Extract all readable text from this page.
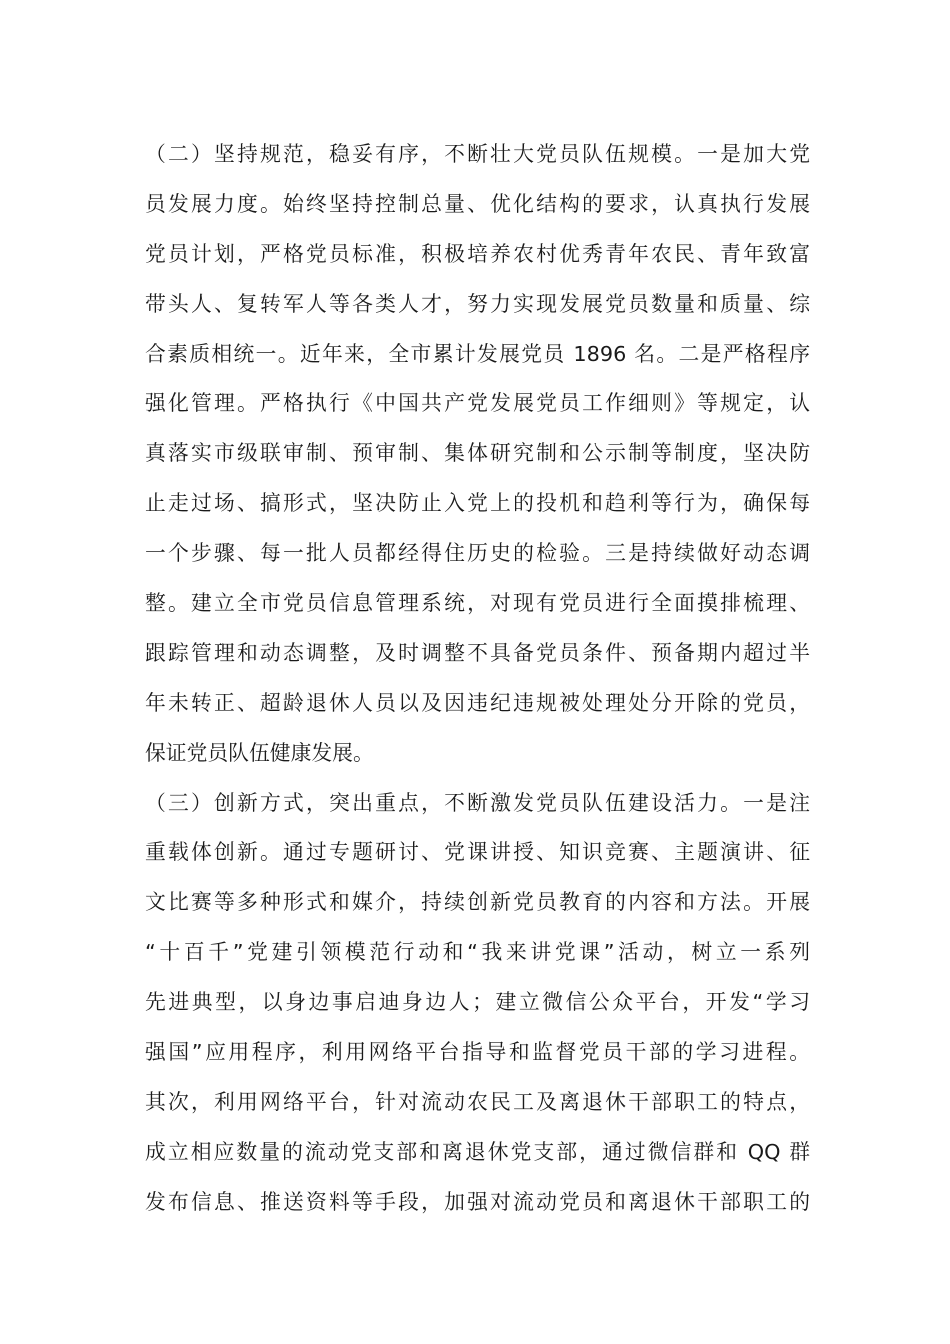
（二）坚持规范，稳妥有序，不断壮大党员队伍规模。一是加大党
员发展力度。始终坚持控制总量、优化结构的要求，认真执行发展
党员计划，严格党员标准，积极培养农村优秀青年农民、青年致富
带头人、复转军人等各类人才，努力实现发展党员数量和质量、综
合素质相统一。近年来，全市累计发展党员 1896 名。二是严格程序
强化管理。严格执行《中国共产党发展党员工作细则》等规定，认
真落实市级联审制、预审制、集体研究制和公示制等制度，坚决防
止走过场、搞形式，坚决防止入党上的投机和趋利等行为，确保每
一个步骤、每一批人员都经得住历史的检验。三是持续做好动态调
整。建立全市党员信息管理系统，对现有党员进行全面摸排梳理、
跟踪管理和动态调整，及时调整不具备党员条件、预备期内超过半
年未转正、超龄退休人员以及因违纪违规被处理处分开除的党员，
保证党员队伍健康发展。
（三）创新方式，突出重点，不断激发党员队伍建设活力。一是注
重载体创新。通过专题研讨、党课讲授、知识竞赛、主题演讲、征
文比赛等多种形式和媒介，持续创新党员教育的内容和方法。开展
“十百千”党建引领模范行动和“我来讲党课”活动，树立一系列
先进典型，以身边事启迪身边人；建立微信公众平台，开发“学习
强国”应用程序，利用网络平台指导和监督党员干部的学习进程。
其次，利用网络平台，针对流动农民工及离退休干部职工的特点，
成立相应数量的流动党支部和离退休党支部，通过微信群和 QQ 群
发布信息、推送资料等手段，加强对流动党员和离退休干部职工的
